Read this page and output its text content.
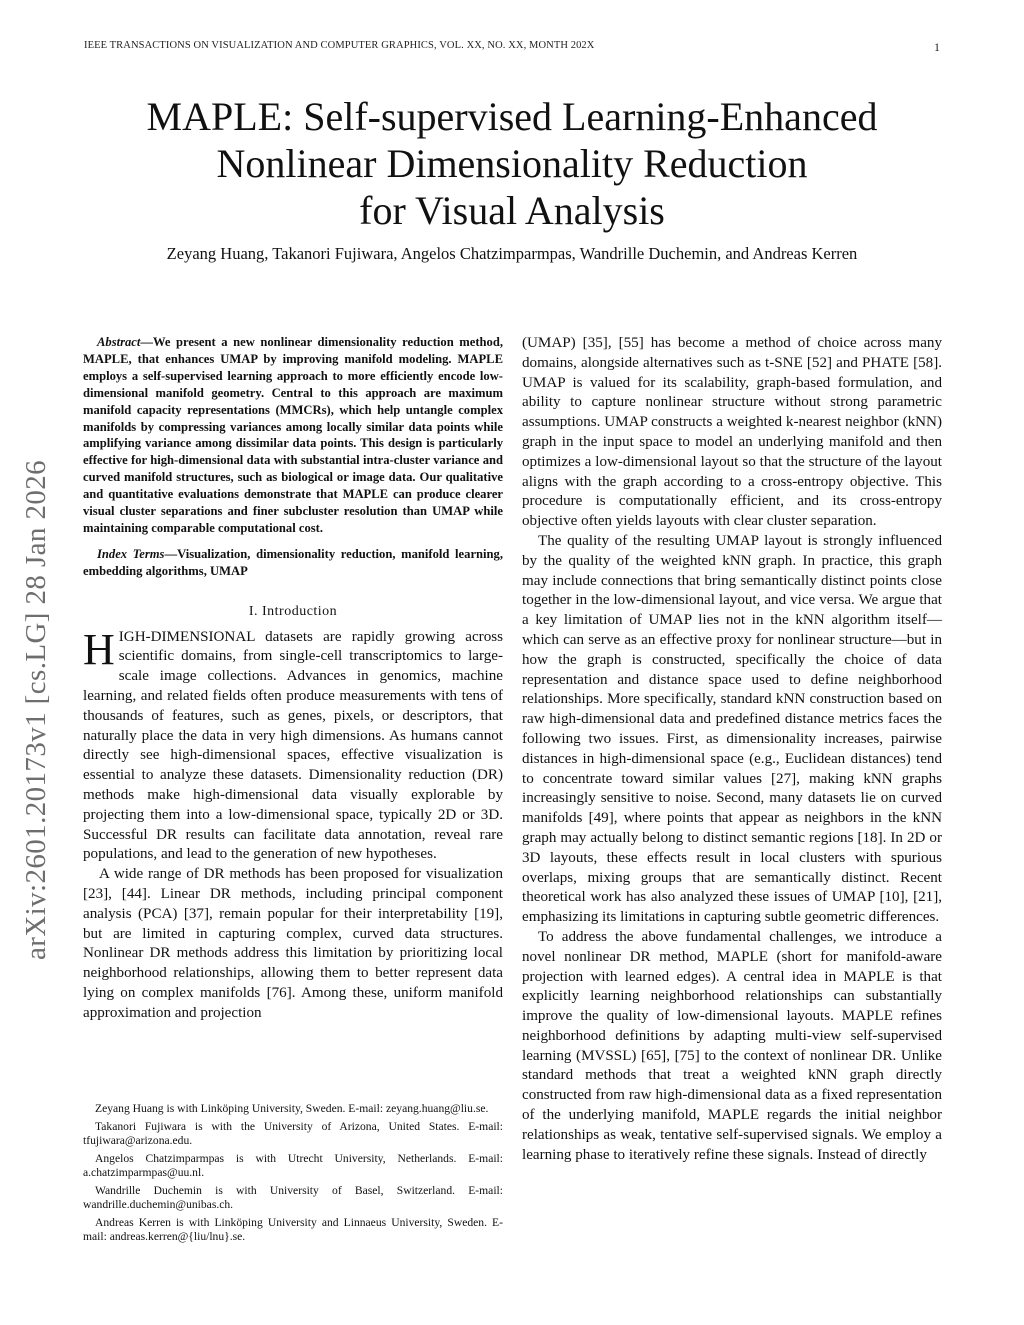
IEEE TRANSACTIONS ON VISUALIZATION AND COMPUTER GRAPHICS, VOL. XX, NO. XX, MONTH 202X	1
arXiv:2601.20173v1 [cs.LG] 28 Jan 2026
MAPLE: Self-supervised Learning-Enhanced
Nonlinear Dimensionality Reduction
for Visual Analysis
Zeyang Huang, Takanori Fujiwara, Angelos Chatzimparmpas, Wandrille Duchemin, and Andreas Kerren

Abstract—We present a new nonlinear dimensionality reduction method, MAPLE, that enhances UMAP by improving manifold modeling. MAPLE employs a self-supervised learning approach to more efficiently encode low-dimensional manifold geometry. Central to this approach are maximum manifold capacity representations (MMCRs), which help untangle complex manifolds by compressing variances among locally similar data points while amplifying variance among dissimilar data points. This design is particularly effective for high-dimensional data with substantial intra-cluster variance and curved manifold structures, such as biological or image data. Our qualitative and quantitative evaluations demonstrate that MAPLE can produce clearer visual cluster separations and finer subcluster resolution than UMAP while maintaining comparable computational cost.

Index Terms—Visualization, dimensionality reduction, manifold learning, embedding algorithms, UMAP

I. Introduction
H IGH-DIMENSIONAL datasets are rapidly growing across scientific domains, from single-cell transcriptomics to large-scale image collections. Advances in genomics, machine learning, and related fields often produce measurements with tens of thousands of features, such as genes, pixels, or descriptors, that naturally place the data in very high dimensions. As humans cannot directly see high-dimensional spaces, effective visualization is essential to analyze these datasets. Dimensionality reduction (DR) methods make high-dimensional data visually explorable by projecting them into a low-dimensional space, typically 2D or 3D. Successful DR results can facilitate data annotation, reveal rare populations, and lead to the generation of new hypotheses.

A wide range of DR methods has been proposed for visualization [23], [44]. Linear DR methods, including principal component analysis (PCA) [37], remain popular for their interpretability [19], but are limited in capturing complex, curved data structures. Nonlinear DR methods address this limitation by prioritizing local neighborhood relationships, allowing them to better represent data lying on complex manifolds [76]. Among these, uniform manifold approximation and projection

(UMAP) [35], [55] has become a method of choice across many domains, alongside alternatives such as t-SNE [52] and PHATE [58]. UMAP is valued for its scalability, graph-based formulation, and ability to capture nonlinear structure without strong parametric assumptions. UMAP constructs a weighted k-nearest neighbor (kNN) graph in the input space to model an underlying manifold and then optimizes a low-dimensional layout so that the structure of the layout aligns with the graph according to a cross-entropy objective. This procedure is computationally efficient, and its cross-entropy objective often yields layouts with clear cluster separation.

The quality of the resulting UMAP layout is strongly influenced by the quality of the weighted kNN graph. In practice, this graph may include connections that bring semantically distinct points close together in the low-dimensional layout, and vice versa. We argue that a key limitation of UMAP lies not in the kNN algorithm itself—which can serve as an effective proxy for nonlinear structure—but in how the graph is constructed, specifically the choice of data representation and distance space used to define neighborhood relationships. More specifically, standard kNN construction based on raw high-dimensional data and predefined distance metrics faces the following two issues. First, as dimensionality increases, pairwise distances in high-dimensional space (e.g., Euclidean distances) tend to concentrate toward similar values [27], making kNN graphs increasingly sensitive to noise. Second, many datasets lie on curved manifolds [49], where points that appear as neighbors in the kNN graph may actually belong to distinct semantic regions [18]. In 2D or 3D layouts, these effects result in local clusters with spurious overlaps, mixing groups that are semantically distinct. Recent theoretical work has also analyzed these issues of UMAP [10], [21], emphasizing its limitations in capturing subtle geometric differences.

To address the above fundamental challenges, we introduce a novel nonlinear DR method, MAPLE (short for manifold-aware projection with learned edges). A central idea in MAPLE is that explicitly learning neighborhood relationships can substantially improve the quality of low-dimensional layouts. MAPLE refines neighborhood definitions by adapting multi-view self-supervised learning (MVSSL) [65], [75] to the context of nonlinear DR. Unlike standard methods that treat a weighted kNN graph directly constructed from raw high-dimensional data as a fixed representation of the underlying manifold, MAPLE regards the initial neighbor relationships as weak, tentative self-supervised signals. We employ a learning phase to iteratively refine these signals. Instead of directly

Zeyang Huang is with Linköping University, Sweden. E-mail: zeyang.huang@liu.se.

Takanori Fujiwara is with the University of Arizona, United States. E-mail: tfujiwara@arizona.edu.

Angelos Chatzimparmpas is with Utrecht University, Netherlands. E-mail: a.chatzimparmpas@uu.nl.

Wandrille Duchemin is with University of Basel, Switzerland. E-mail: wandrille.duchemin@unibas.ch.

Andreas Kerren is with Linköping University and Linnaeus University, Sweden. E-mail: andreas.kerren@{liu/lnu}.se.
